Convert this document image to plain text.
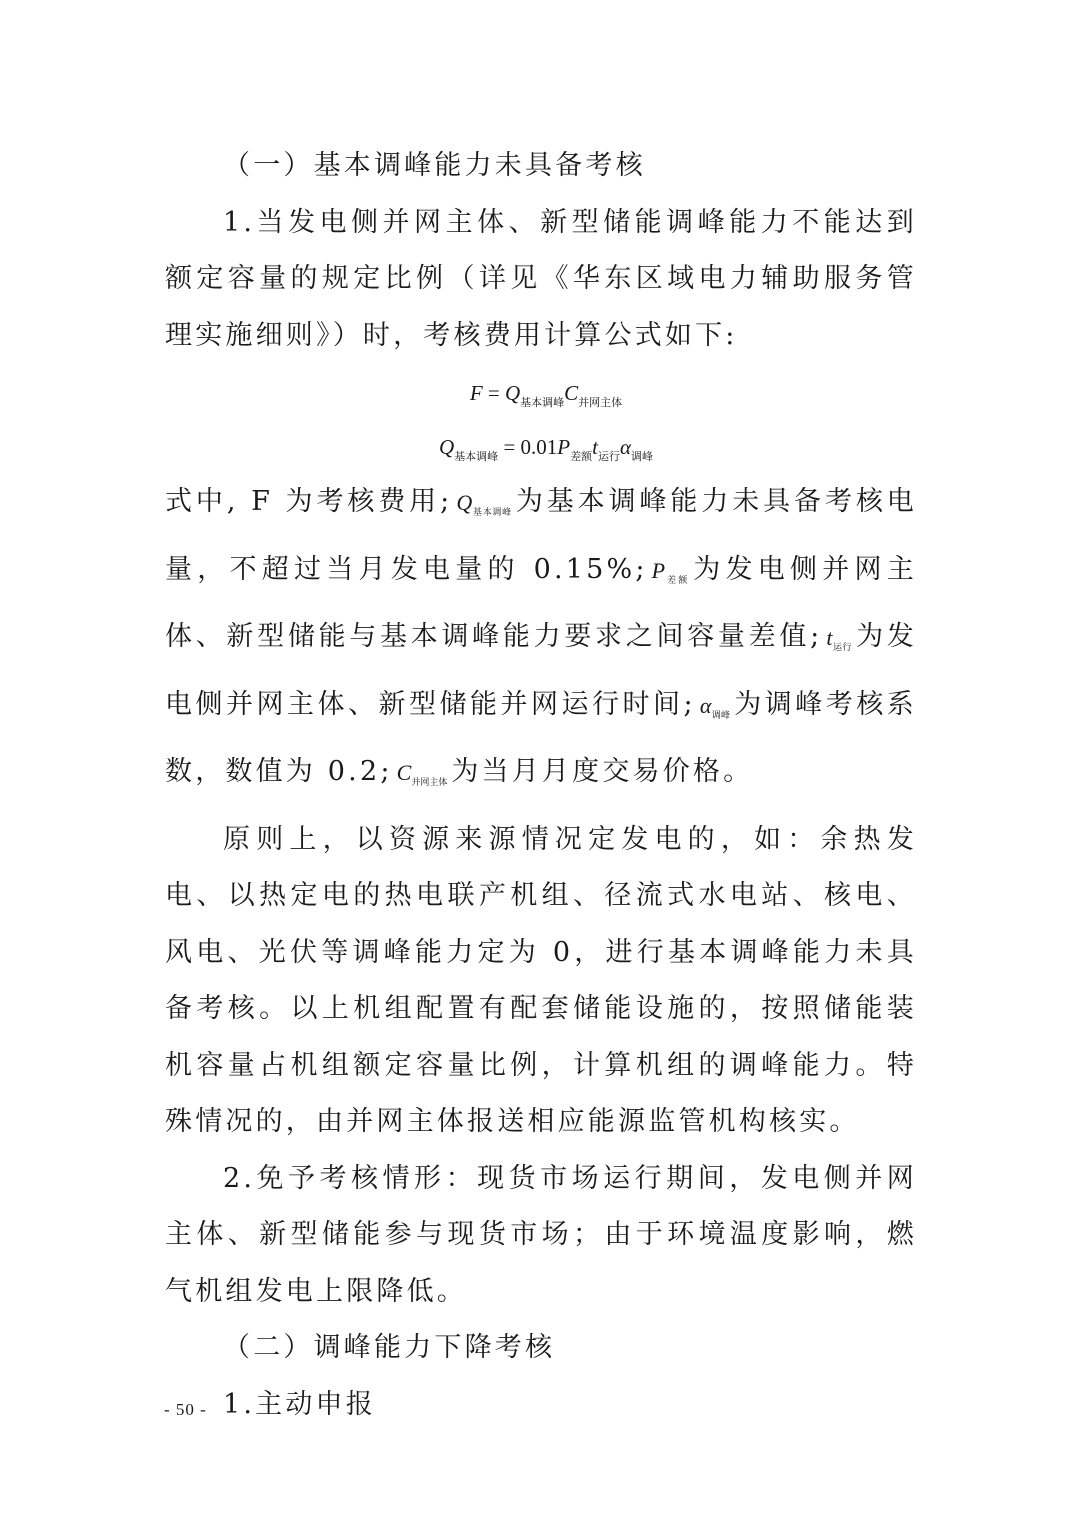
（一）基本调峰能力未具备考核

1.当发电侧并网主体、新型储能调峰能力不能达到额定容量的规定比例（详见《华东区域电力辅助服务管理实施细则》）时，考核费用计算公式如下:

$F = Q_{基本调峰}C_{并网主体}$

$Q_{基本调峰} = 0.01P_{差额}t_{运行}\alpha_{调峰}$

式中, F 为考核费用; $Q_{基本调峰}$ 为基本调峰能力未具备考核电量，不超过当月发电量的 0.15%; $P_{差额}$ 为发电侧并网主体、新型储能与基本调峰能力要求之间容量差值; $t_{运行}$ 为发电侧并网主体、新型储能并网运行时间; $\alpha_{调峰}$ 为调峰考核系数，数值为 0.2; $C_{并网主体}$ 为当月月度交易价格。

原则上，以资源来源情况定发电的，如：余热发电、以热定电的热电联产机组、径流式水电站、核电、风电、光伏等调峰能力定为 0，进行基本调峰能力未具备考核。以上机组配置有配套储能设施的，按照储能装机容量占机组额定容量比例，计算机组的调峰能力。特殊情况的，由并网主体报送相应能源监管机构核实。

2.免予考核情形：现货市场运行期间，发电侧并网主体、新型储能参与现货市场；由于环境温度影响，燃气机组发电上限降低。

（二）调峰能力下降考核

1.主动申报

- 50 -
